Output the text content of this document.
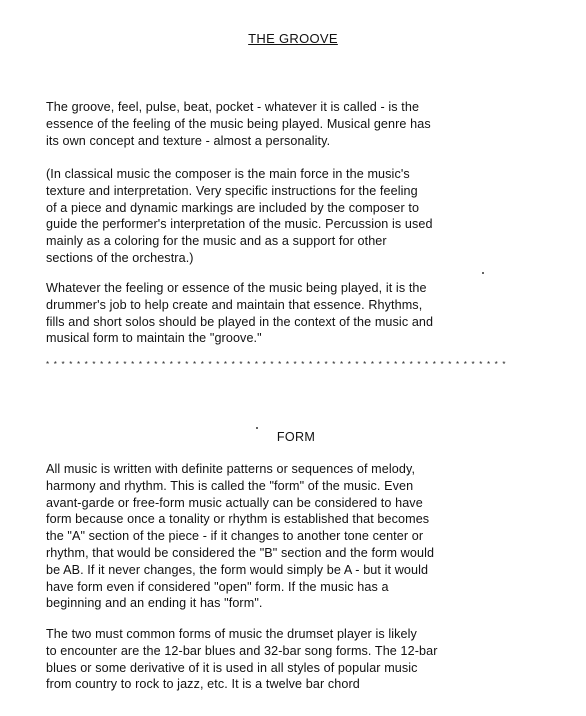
THE GROOVE
The groove, feel, pulse, beat, pocket - whatever it is called - is the
essence of the feeling of the music being played. Musical genre has
its own concept and texture - almost a personality.
(In classical music the composer is the main force in the music's
texture and interpretation. Very specific instructions for the feeling
of a piece and dynamic markings are included by the composer to
guide the performer's interpretation of the music. Percussion is used
mainly as a coloring for the music and as a support for other
sections of the orchestra.)
Whatever the feeling or essence of the music being played, it is the
drummer's job to help create and maintain that essence. Rhythms,
fills and short solos should be played in the context of the music and
musical form to maintain the "groove."
* * * * * * * * * * * * * * * * * * * * * * * * * * * * * * * * * * * * * * * * * * * * * * * * * * * * * * * * * * * *
FORM
All music is written with definite patterns or sequences of melody,
harmony and rhythm. This is called the "form" of the music. Even
avant-garde or free-form music actually can be considered to have
form because once a tonality or rhythm is established that becomes
the "A" section of the piece - if it changes to another tone center or
rhythm, that would be considered the "B" section and the form would
be AB. If it never changes, the form would simply be A - but it would
have form even if considered "open" form. If the music has a
beginning and an ending it has "form".
The two must common forms of music the drumset player is likely
to encounter are the 12-bar blues and 32-bar song forms. The 12-bar
blues or some derivative of it is used in all styles of popular music
from country to rock to jazz, etc. It is a twelve bar chord
